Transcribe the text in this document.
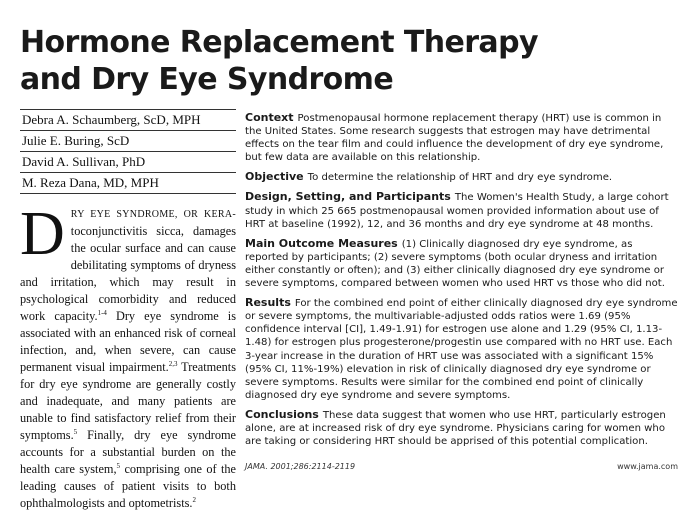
Hormone Replacement Therapy
and Dry Eye Syndrome
Debra A. Schaumberg, ScD, MPH
Julie E. Buring, ScD
David A. Sullivan, PhD
M. Reza Dana, MD, MPH
DRY EYE SYNDROME, OR KERA- toconjunctivitis sicca, damages the ocular surface and can cause debilitating symptoms of dryness and irritation, which may result in psychological comorbidity and reduced work capacity.$^{1-4}$ Dry eye syndrome is associated with an enhanced risk of corneal infection, and, when severe, can cause permanent visual impairment.$^{2,3}$ Treatments for dry eye syndrome are generally costly and inadequate, and many patients are unable to find satisfactory relief from their symptoms.$^5$ Finally, dry eye syndrome accounts for a substantial burden on the health care system,$^5$ comprising one of the leading causes of patient visits to both ophthalmologists and optometrists.$^2$

Context Postmenopausal hormone replacement therapy (HRT) use is common in the United States. Some research suggests that estrogen may have detrimental effects on the tear film and could influence the development of dry eye syndrome, but few data are available on this relationship.

Objective To determine the relationship of HRT and dry eye syndrome.

Design, Setting, and Participants The Women's Health Study, a large cohort study in which 25 665 postmenopausal women provided information about use of HRT at baseline (1992), 12, and 36 months and dry eye syndrome at 48 months.

Main Outcome Measures (1) Clinically diagnosed dry eye syndrome, as reported by participants; (2) severe symptoms (both ocular dryness and irritation either constantly or often); and (3) either clinically diagnosed dry eye syndrome or severe symptoms, compared between women who used HRT vs those who did not.

Results For the combined end point of either clinically diagnosed dry eye syndrome or severe symptoms, the multivariable-adjusted odds ratios were 1.69 (95% confidence interval [CI], 1.49-1.91) for estrogen use alone and 1.29 (95% CI, 1.13-1.48) for estrogen plus progesterone/progestin use compared with no HRT use. Each 3-year increase in the duration of HRT use was associated with a significant 15% (95% CI, 11%-19%) elevation in risk of clinically diagnosed dry eye syndrome or severe symptoms. Results were similar for the combined end point of clinically diagnosed dry eye syndrome and severe symptoms.

Conclusions These data suggest that women who use HRT, particularly estrogen alone, are at increased risk of dry eye syndrome. Physicians caring for women who are taking or considering HRT should be apprised of this potential complication.

JAMA. 2001;286:2114-2119	www.jama.com
